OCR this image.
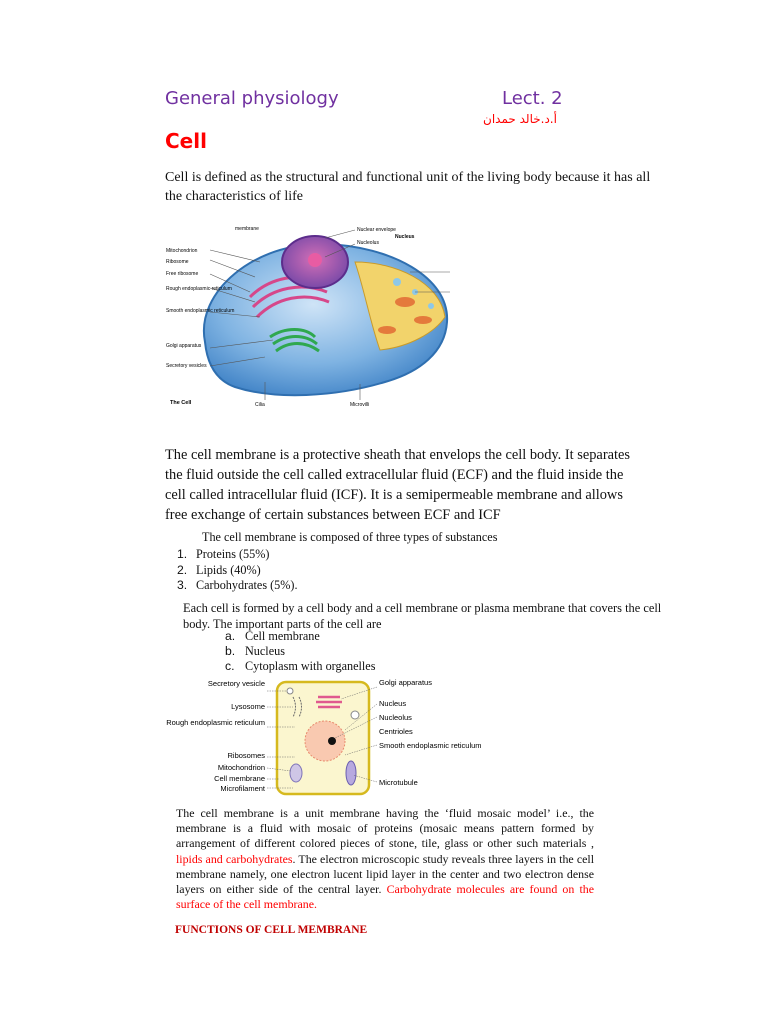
General physiology	Lect. 2
أ.د.خالد حمدان
Cell
Cell is defined as the structural and functional unit of the living body because it has all the characteristics of life
membrane
Mitochondrion
Ribosome
Free ribosome
Rough endoplasmic reticulum
Smooth endoplasmic reticulum
Golgi apparatus
Secretory vesicles
Nuclear envelope
Nucleolus
Nucleus
Cilia	Microvilli
The Cell
The cell membrane is a protective sheath that envelops the cell body. It separates the fluid outside the cell called extracellular fluid (ECF) and the fluid inside the cell called intracellular fluid (ICF). It is a semipermeable membrane and allows free exchange of certain substances between ECF and ICF
The cell membrane is composed of three types of substances
1. Proteins (55%)
2. Lipids (40%)
3. Carbohydrates (5%).
Each cell is formed by a cell body and a cell membrane or plasma membrane that covers the cell body. The important parts of the cell are
a. Cell membrane
b. Nucleus
c. Cytoplasm with organelles
Secretory vesicle
Lysosome
Rough endoplasmic reticulum
Ribosomes
Mitochondrion
Cell membrane
Microfilament
Golgi apparatus
Nucleus
Nucleolus
Centrioles
Smooth endoplasmic reticulum
Microtubule
The cell membrane is a unit membrane having the ‘fluid mosaic model’ i.e., the membrane is a fluid with mosaic of proteins (mosaic means pattern formed by arrangement of different colored pieces of stone, tile, glass or other such materials , lipids and carbohydrates. The electron microscopic study reveals three layers in the cell membrane namely, one electron lucent lipid layer in the center and two electron dense layers on either side of the central layer. Carbohydrate molecules are found on the surface of the cell membrane.
FUNCTIONS OF CELL MEMBRANE
